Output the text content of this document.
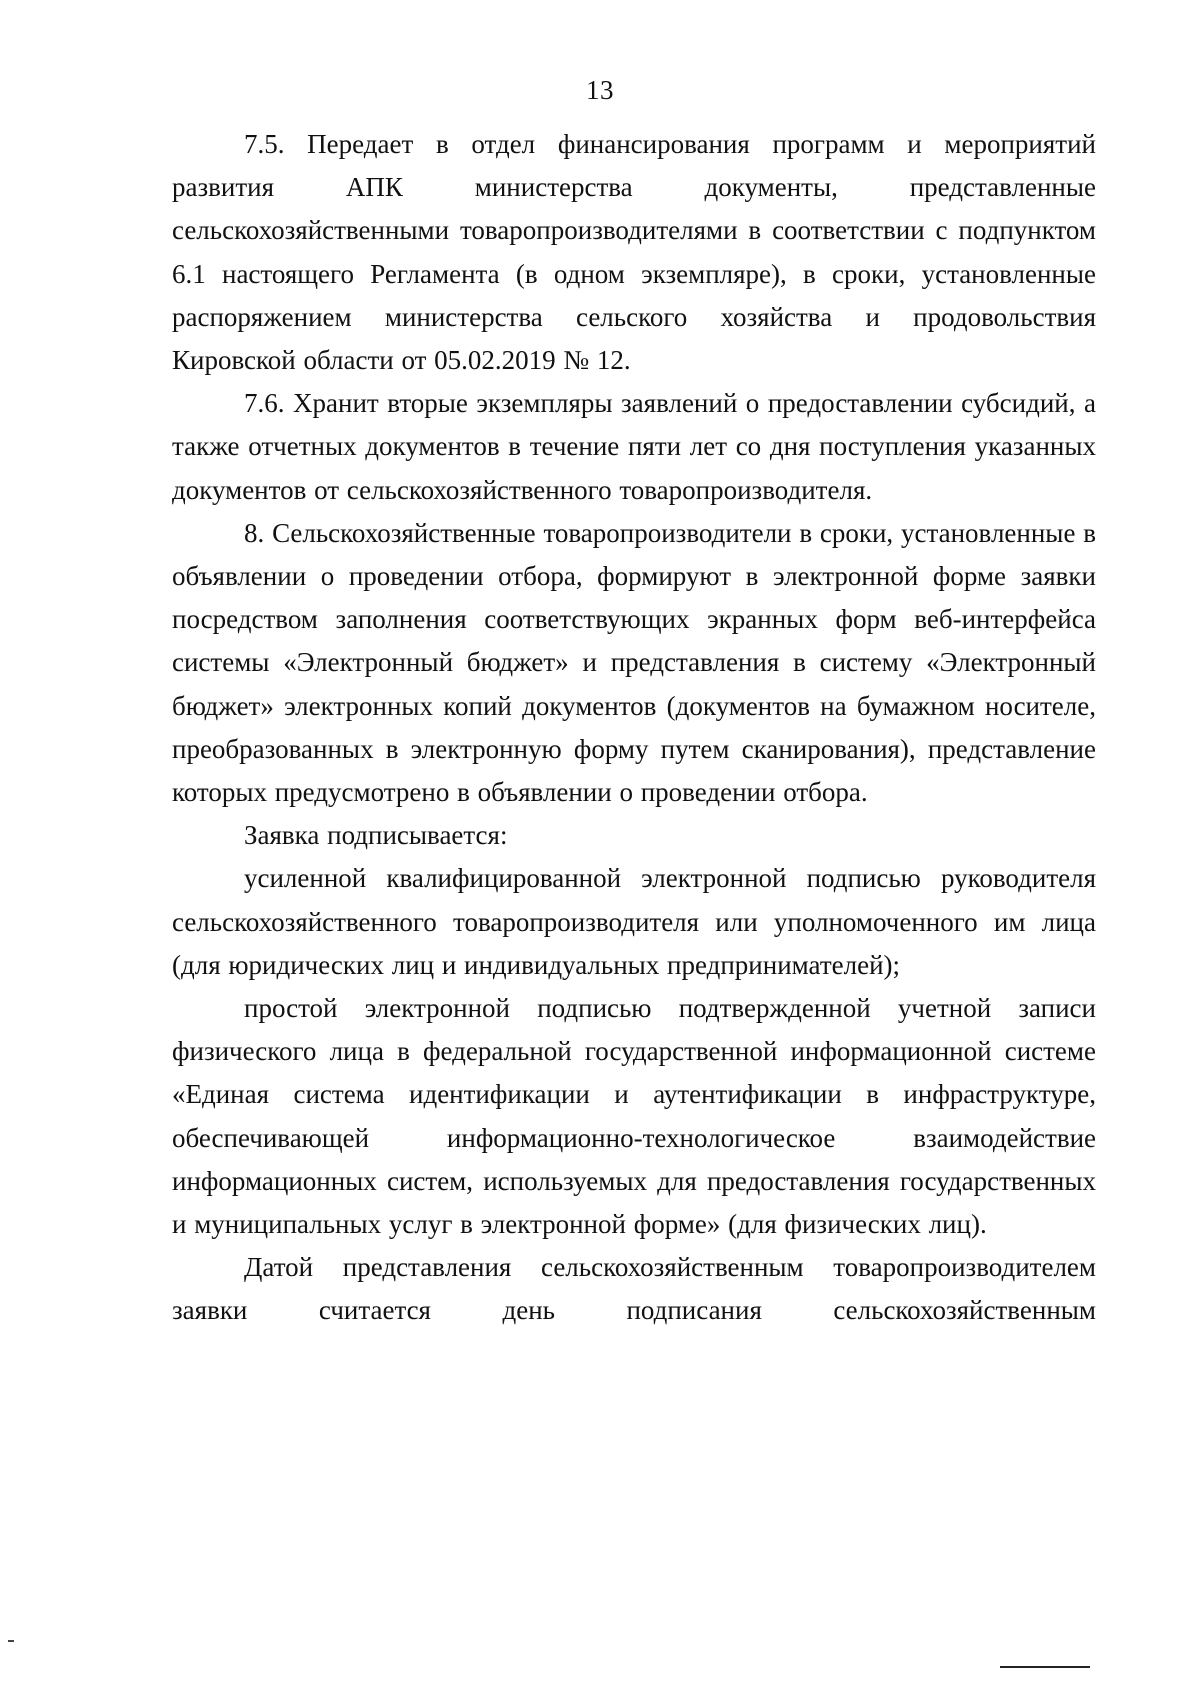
13

7.5. Передает в отдел финансирования программ и мероприятий развития АПК министерства документы, представленные сельскохозяйственными товаропроизводителями в соответствии с подпунктом 6.1 настоящего Регламента (в одном экземпляре), в сроки, установленные распоряжением министерства сельского хозяйства и продовольствия Кировской области от 05.02.2019 № 12.

7.6. Хранит вторые экземпляры заявлений о предоставлении субсидий, а также отчетных документов в течение пяти лет со дня поступления указанных документов от сельскохозяйственного товаропроизводителя.

8. Сельскохозяйственные товаропроизводители в сроки, установленные в объявлении о проведении отбора, формируют в электронной форме заявки посредством заполнения соответствующих экранных форм веб-интерфейса системы «Электронный бюджет» и представления в систему «Электронный бюджет» электронных копий документов (документов на бумажном носителе, преобразованных в электронную форму путем сканирования), представление которых предусмотрено в объявлении о проведении отбора.

Заявка подписывается:

усиленной квалифицированной электронной подписью руководителя сельскохозяйственного товаропроизводителя или уполномоченного им лица (для юридических лиц и индивидуальных предпринимателей);

простой электронной подписью подтвержденной учетной записи физического лица в федеральной государственной информационной системе «Единая система идентификации и аутентификации в инфраструктуре, обеспечивающей информационно-технологическое взаимодействие информационных систем, используемых для предоставления государственных и муниципальных услуг в электронной форме» (для физических лиц).

Датой представления сельскохозяйственным товаропроизводителем заявки считается день подписания сельскохозяйственным
